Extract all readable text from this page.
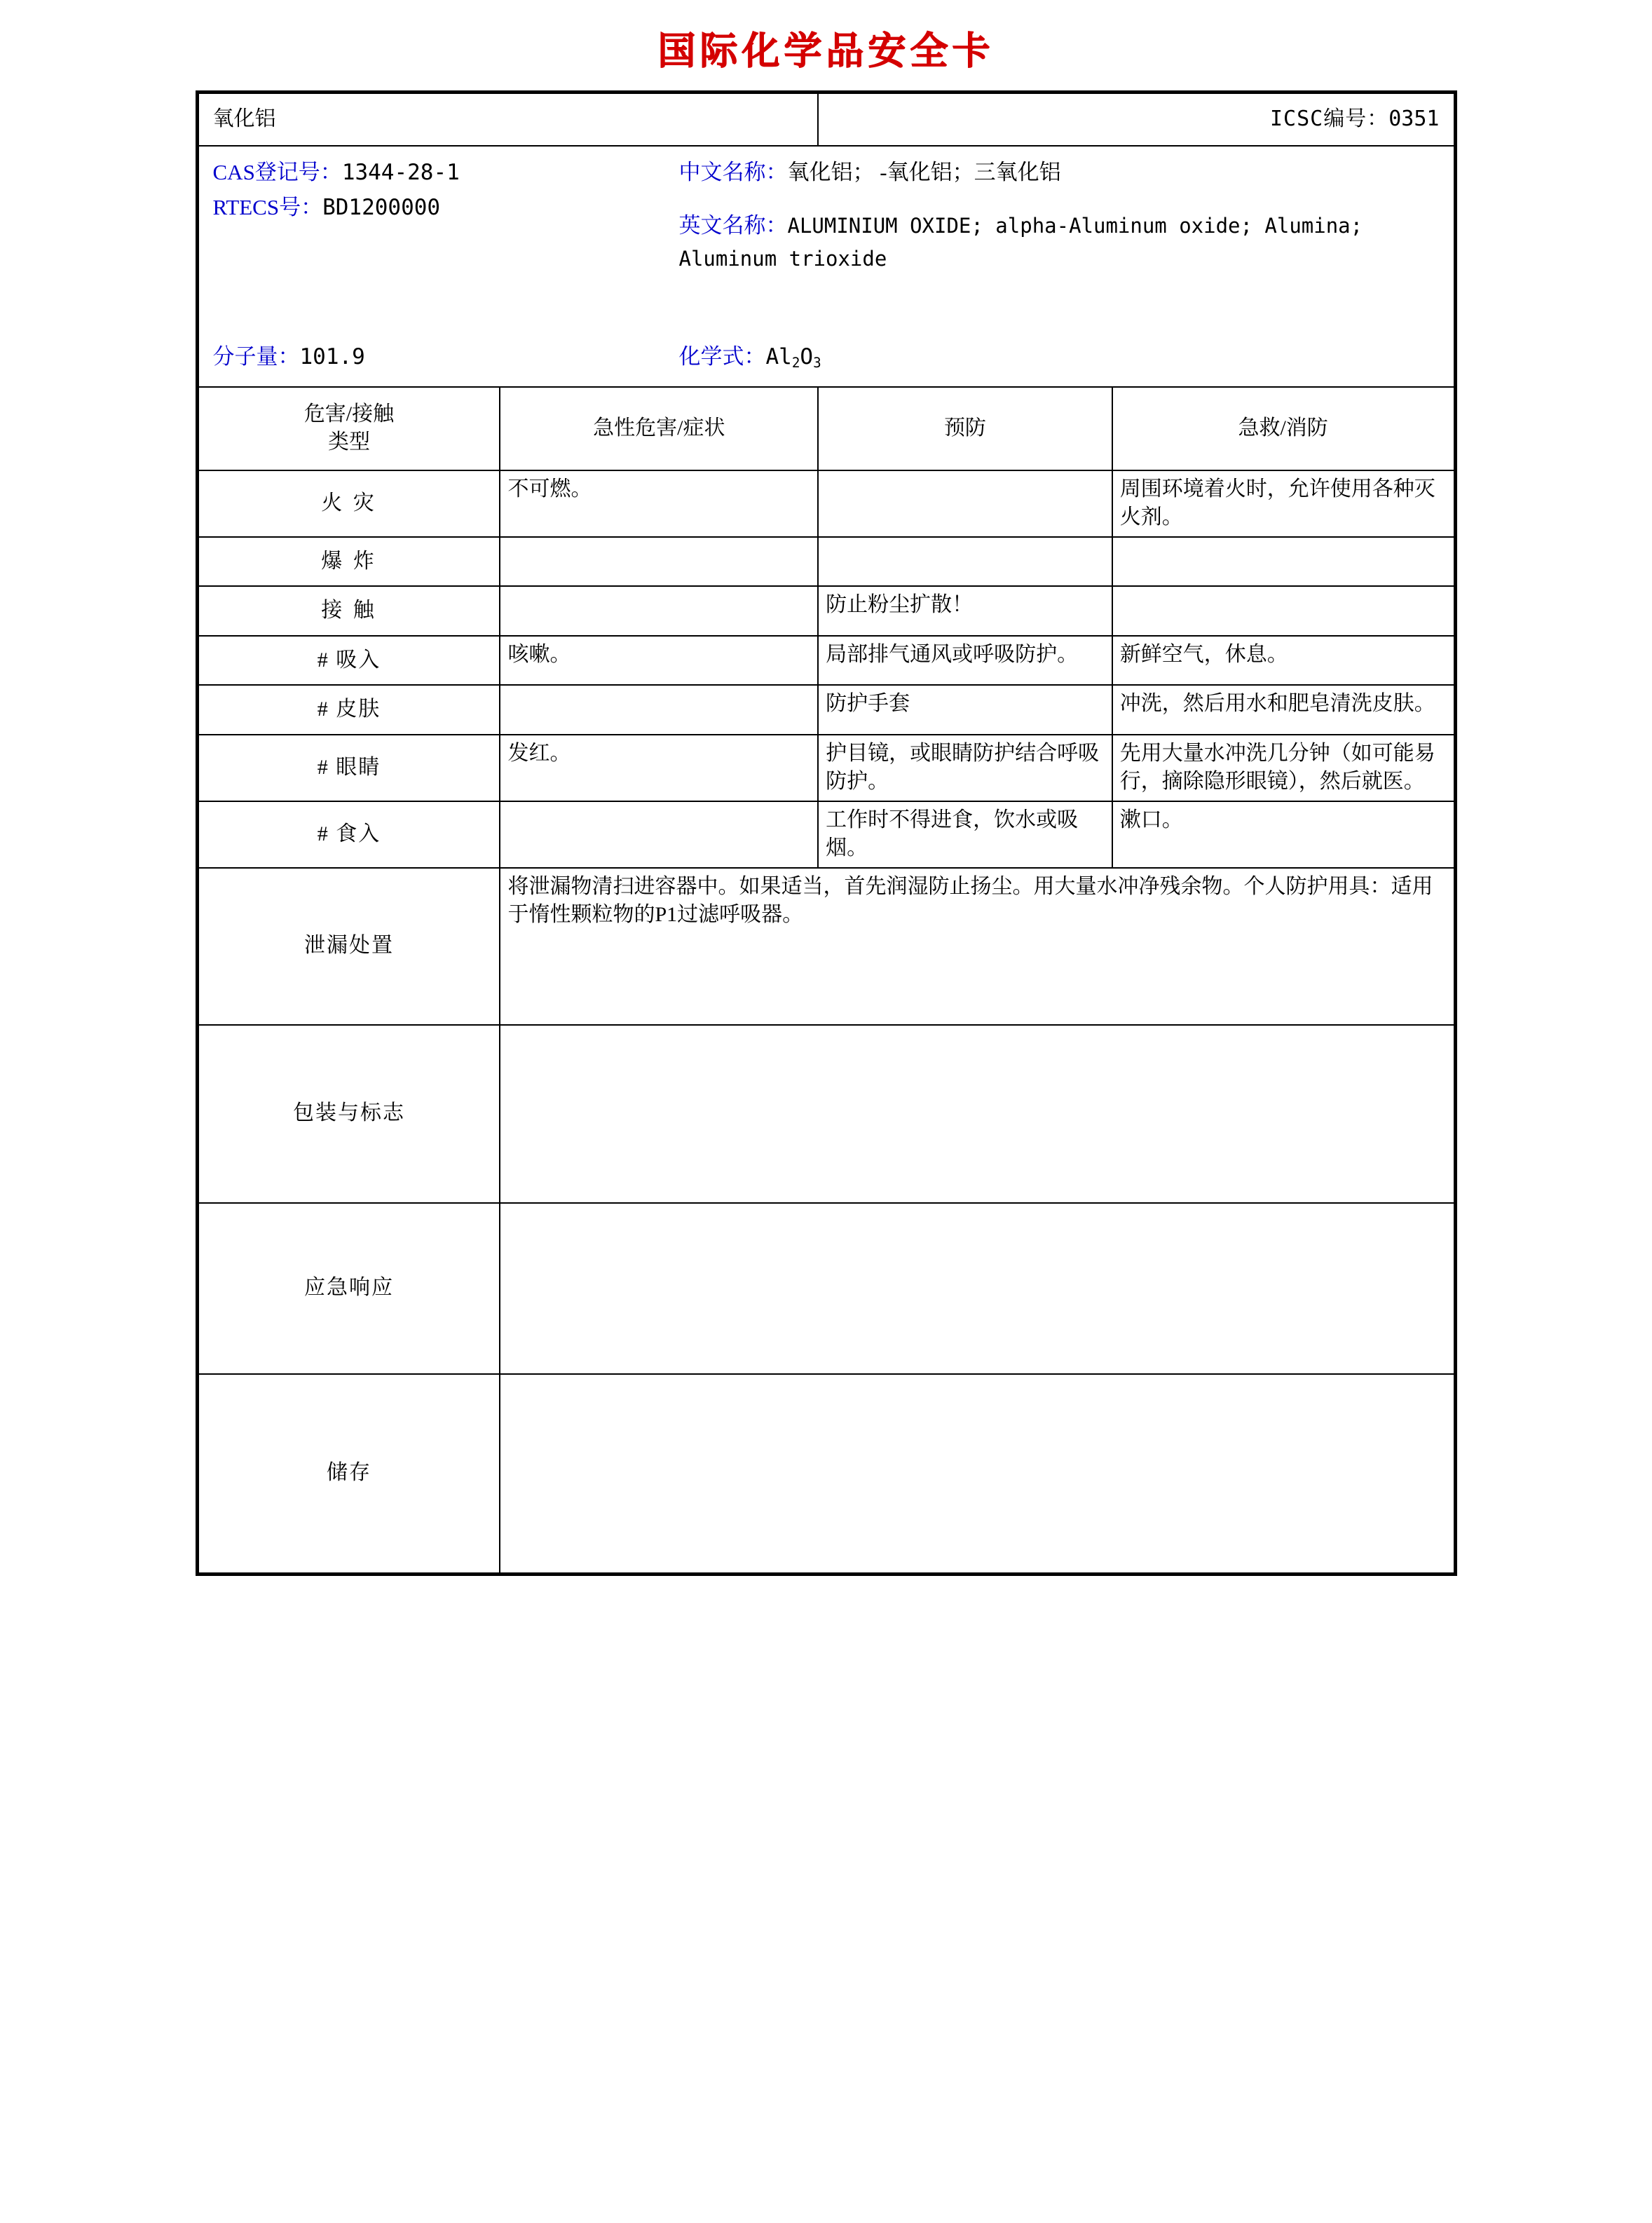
国际化学品安全卡
氧化铝		ICSC编号：0351	

CAS登记号：1344-28-1
RTECS号：BD1200000
中文名称：氧化铝； -氧化铝；三氧化铝
英文名称：ALUMINIUM OXIDE; alpha-Aluminum oxide; Alumina; Aluminum trioxide
分子量：101.9	化学式：$Al_2O_3$

危害/接触
类型	急性危害/症状	预防	急救/消防
火 灾	不可燃。		周围环境着火时，允许使用各种灭火剂。
爆 炸			
接 触		防止粉尘扩散！	
# 吸入	咳嗽。	局部排气通风或呼吸防护。	新鲜空气，休息。
# 皮肤		防护手套	冲洗，然后用水和肥皂清洗皮肤。
# 眼睛	发红。	护目镜，或眼睛防护结合呼吸防护。	先用大量水冲洗几分钟（如可能易行，摘除隐形眼镜），然后就医。
# 食入		工作时不得进食，饮水或吸烟。	漱口。
泄漏处置	将泄漏物清扫进容器中。如果适当，首先润湿防止扬尘。用大量水冲净残余物。个人防护用具：适用于惰性颗粒物的P1过滤呼吸器。		
包装与标志			
应急响应			
储存			
